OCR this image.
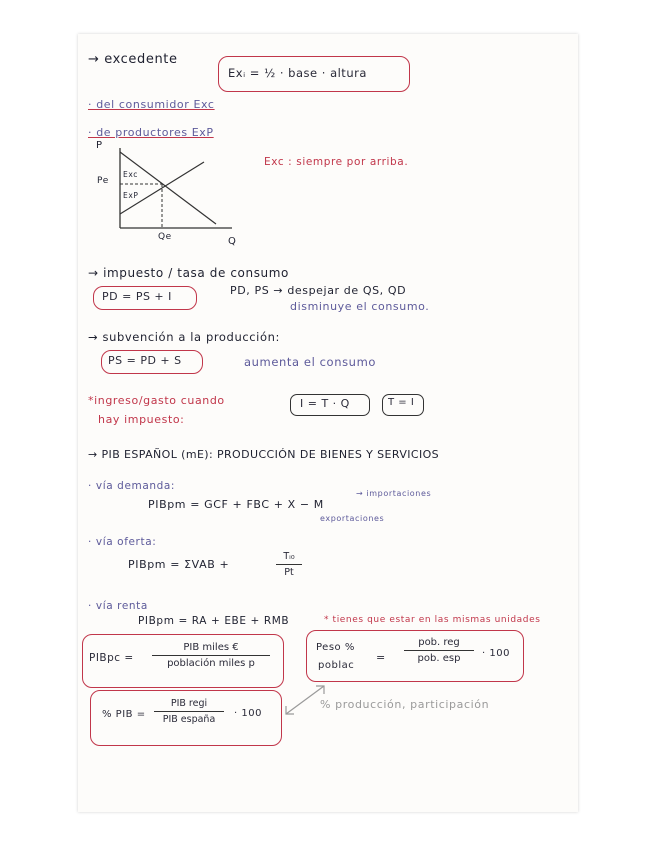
→ excedente
Exᵢ = ½ · base · altura
· del consumidor Exc
· de productores ExP
P
Pe
Exc
ExP
Qe	Q
Exc : siempre por arriba.
→ impuesto / tasa de consumo
PD = PS + I	PD, PS → despejar de QS, QD
disminuye el consumo.
→ subvención a la producción:
PS = PD + S	aumenta el consumo
*ingreso/gasto cuando
hay impuesto:
I = T · Q	T = I
→ PIB ESPAÑOL (mE): PRODUCCIÓN DE BIENES Y SERVICIOS
· vía demanda:
PIBpm = GCF + FBC + X − M
→ importaciones
exportaciones
· vía oferta:
PIBpm = ΣVAB +
Tᵢ₀
Pt
· vía renta
PIBpm = RA + EBE + RMB	* tienes que estar en las mismas unidades
PIBpc =
PIB miles €
población miles p
Peso %
poblac
=
pob. reg
pob. esp	· 100
% PIB =
PIB regi
PIB españa
· 100
% producción, participación
